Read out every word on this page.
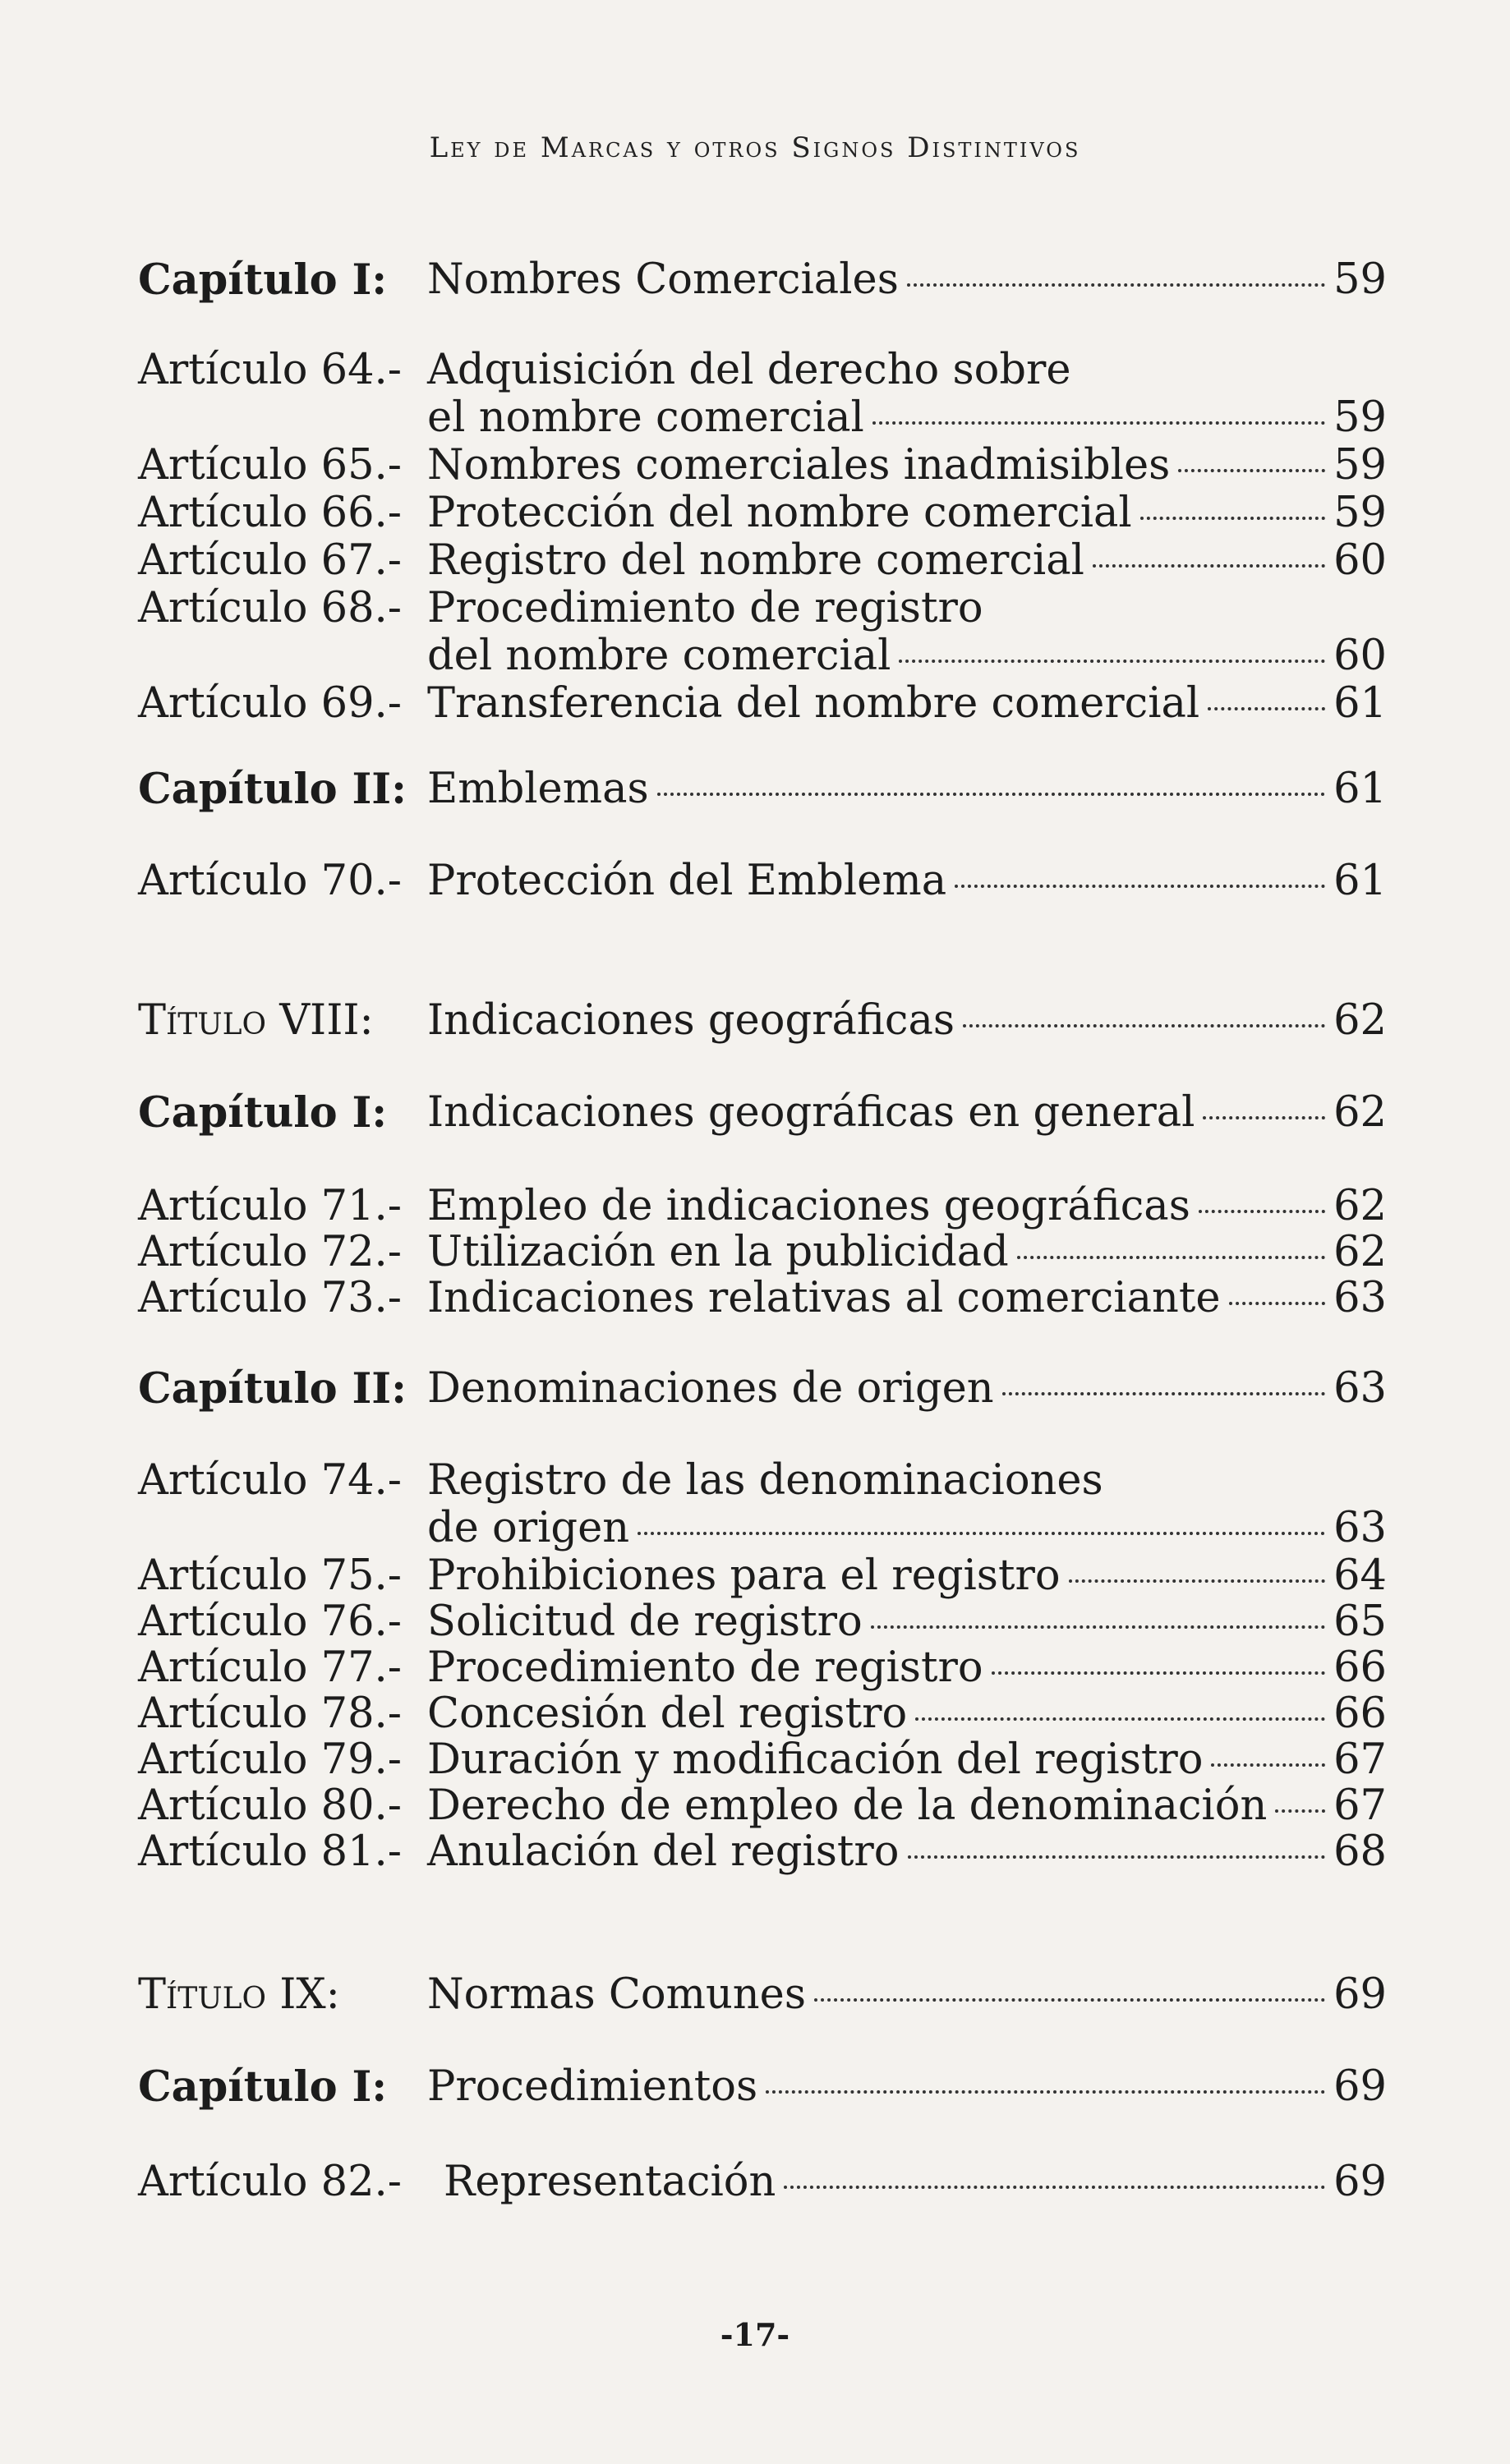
Ley de Marcas y otros Signos Distintivos
Capítulo I: Nombres Comerciales	59
Artículo 64.- Adquisición del derecho sobre
el nombre comercial	59
Artículo 65.- Nombres comerciales inadmisibles	59
Artículo 66.- Protección del nombre comercial	59
Artículo 67.- Registro del nombre comercial	60
Artículo 68.- Procedimiento de registro
del nombre comercial	60
Artículo 69.- Transferencia del nombre comercial	61
Capítulo II: Emblemas	61
Artículo 70.- Protección del Emblema	61
Título VIII: Indicaciones geográficas	62
Capítulo I: Indicaciones geográficas en general	62
Artículo 71.- Empleo de indicaciones geográficas	62
Artículo 72.- Utilización en la publicidad	62
Artículo 73.- Indicaciones relativas al comerciante	63
Capítulo II: Denominaciones de origen	63
Artículo 74.- Registro de las denominaciones
de origen	63
Artículo 75.- Prohibiciones para el registro	64
Artículo 76.- Solicitud de registro	65
Artículo 77.- Procedimiento de registro	66
Artículo 78.- Concesión del registro	66
Artículo 79.- Duración y modificación del registro	67
Artículo 80.- Derecho de empleo de la denominación 67
Artículo 81.- Anulación del registro	68
Título IX: Normas Comunes	69
Capítulo I: Procedimientos	69
Artículo 82.- Representación	69
-17-
